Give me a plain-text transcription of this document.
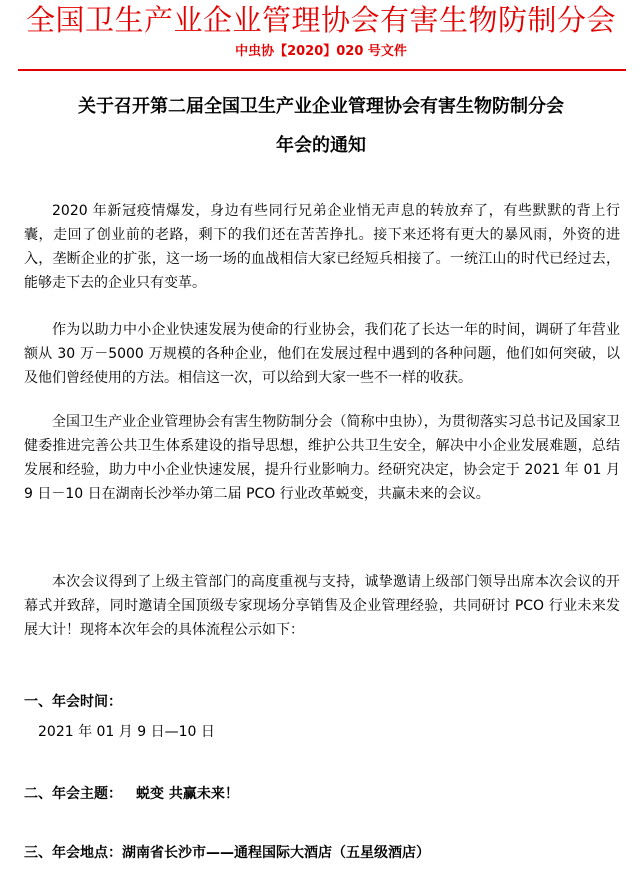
全国卫生产业企业管理协会有害生物防制分会
中虫协【2020】020 号文件
关于召开第二届全国卫生产业企业管理协会有害生物防制分会
年会的通知

2020 年新冠疫情爆发，身边有些同行兄弟企业悄无声息的转放弃了，有些默默的背上行囊，走回了创业前的老路，剩下的我们还在苦苦挣扎。接下来还将有更大的暴风雨，外资的进入，垄断企业的扩张，这一场一场的血战相信大家已经短兵相接了。一统江山的时代已经过去，能够走下去的企业只有变革。

作为以助力中小企业快速发展为使命的行业协会，我们花了长达一年的时间，调研了年营业额从 30 万－5000 万规模的各种企业，他们在发展过程中遇到的各种问题，他们如何突破，以及他们曾经使用的方法。相信这一次，可以给到大家一些不一样的收获。

全国卫生产业企业管理协会有害生物防制分会（简称中虫协），为贯彻落实习总书记及国家卫健委推进完善公共卫生体系建设的指导思想，维护公共卫生安全，解决中小企业发展难题，总结发展和经验，助力中小企业快速发展，提升行业影响力。经研究决定，协会定于 2021 年 01 月 9 日－10 日在湖南长沙举办第二届 PCO 行业改革蜕变，共赢未来的会议。

本次会议得到了上级主管部门的高度重视与支持，诚挚邀请上级部门领导出席本次会议的开幕式并致辞，同时邀请全国顶级专家现场分享销售及企业管理经验，共同研讨 PCO 行业未来发展大计！现将本次年会的具体流程公示如下：

一、年会时间：
2021 年 01 月 9 日—10 日
二、年会主题： 蜕变 共赢未来！
三、年会地点：湖南省长沙市——通程国际大酒店（五星级酒店）
